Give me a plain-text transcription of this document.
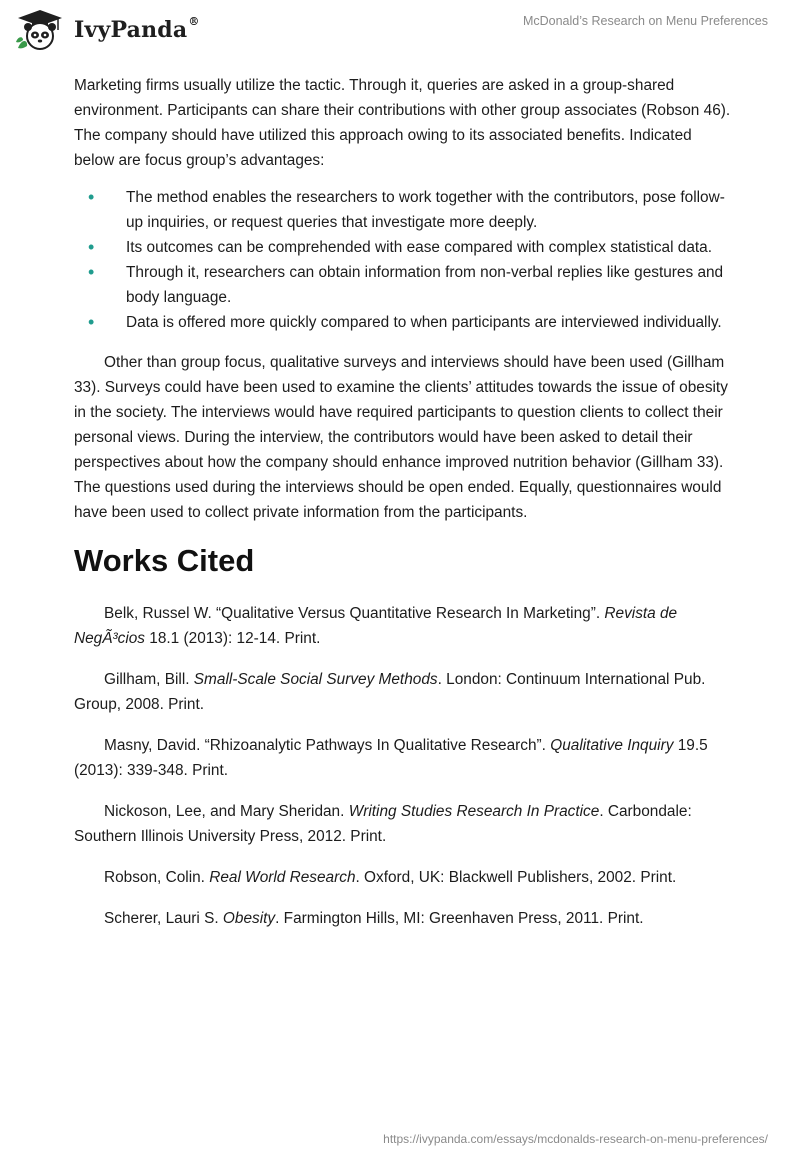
IvyPanda®	McDonald’s Research on Menu Preferences

Marketing firms usually utilize the tactic. Through it, queries are asked in a group-shared environment. Participants can share their contributions with other group associates (Robson 46). The company should have utilized this approach owing to its associated benefits. Indicated below are focus group’s advantages:

• The method enables the researchers to work together with the contributors, pose follow-up inquiries, or request queries that investigate more deeply.
• Its outcomes can be comprehended with ease compared with complex statistical data.
• Through it, researchers can obtain information from non-verbal replies like gestures and body language.
• Data is offered more quickly compared to when participants are interviewed individually.

Other than group focus, qualitative surveys and interviews should have been used (Gillham 33). Surveys could have been used to examine the clients’ attitudes towards the issue of obesity in the society. The interviews would have required participants to question clients to collect their personal views. During the interview, the contributors would have been asked to detail their perspectives about how the company should enhance improved nutrition behavior (Gillham 33). The questions used during the interviews should be open ended. Equally, questionnaires would have been used to collect private information from the participants.

Works Cited

Belk, Russel W. “Qualitative Versus Quantitative Research In Marketing”. Revista de NegÃ³cios 18.1 (2013): 12-14. Print.

Gillham, Bill. Small-Scale Social Survey Methods. London: Continuum International Pub. Group, 2008. Print.

Masny, David. “Rhizoanalytic Pathways In Qualitative Research”. Qualitative Inquiry 19.5 (2013): 339-348. Print.

Nickoson, Lee, and Mary Sheridan. Writing Studies Research In Practice. Carbondale: Southern Illinois University Press, 2012. Print.

Robson, Colin. Real World Research. Oxford, UK: Blackwell Publishers, 2002. Print.

Scherer, Lauri S. Obesity. Farmington Hills, MI: Greenhaven Press, 2011. Print.

https://ivypanda.com/essays/mcdonalds-research-on-menu-preferences/
